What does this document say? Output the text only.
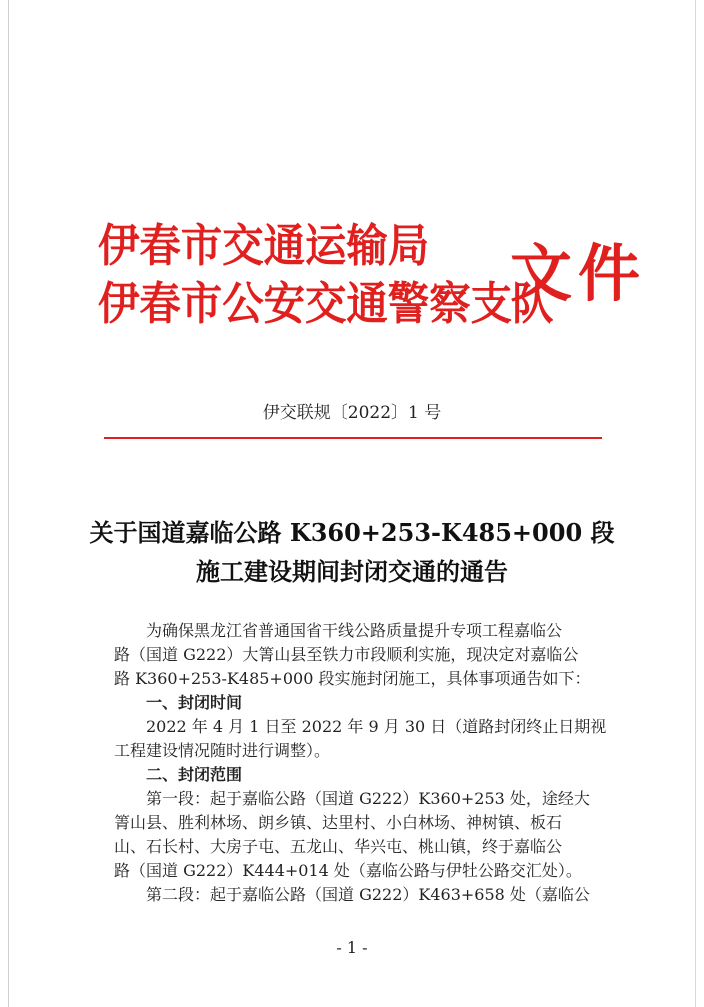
伊春市交通运输局
伊春市公安交通警察支队
文件
伊交联规〔2022〕1 号
关于国道嘉临公路 K360+253-K485+000 段
施工建设期间封闭交通的通告
为确保黑龙江省普通国省干线公路质量提升专项工程嘉临公
路（国道 G222）大箐山县至铁力市段顺利实施，现决定对嘉临公
路 K360+253-K485+000 段实施封闭施工，具体事项通告如下：
一、封闭时间
2022 年 4 月 1 日至 2022 年 9 月 30 日（道路封闭终止日期视
工程建设情况随时进行调整）。
二、封闭范围
第一段：起于嘉临公路（国道 G222）K360+253 处，途经大
箐山县、胜利林场、朗乡镇、达里村、小白林场、神树镇、板石
山、石长村、大房子屯、五龙山、华兴屯、桃山镇，终于嘉临公
路（国道 G222）K444+014 处（嘉临公路与伊牡公路交汇处）。
第二段：起于嘉临公路（国道 G222）K463+658 处（嘉临公
- 1 -
